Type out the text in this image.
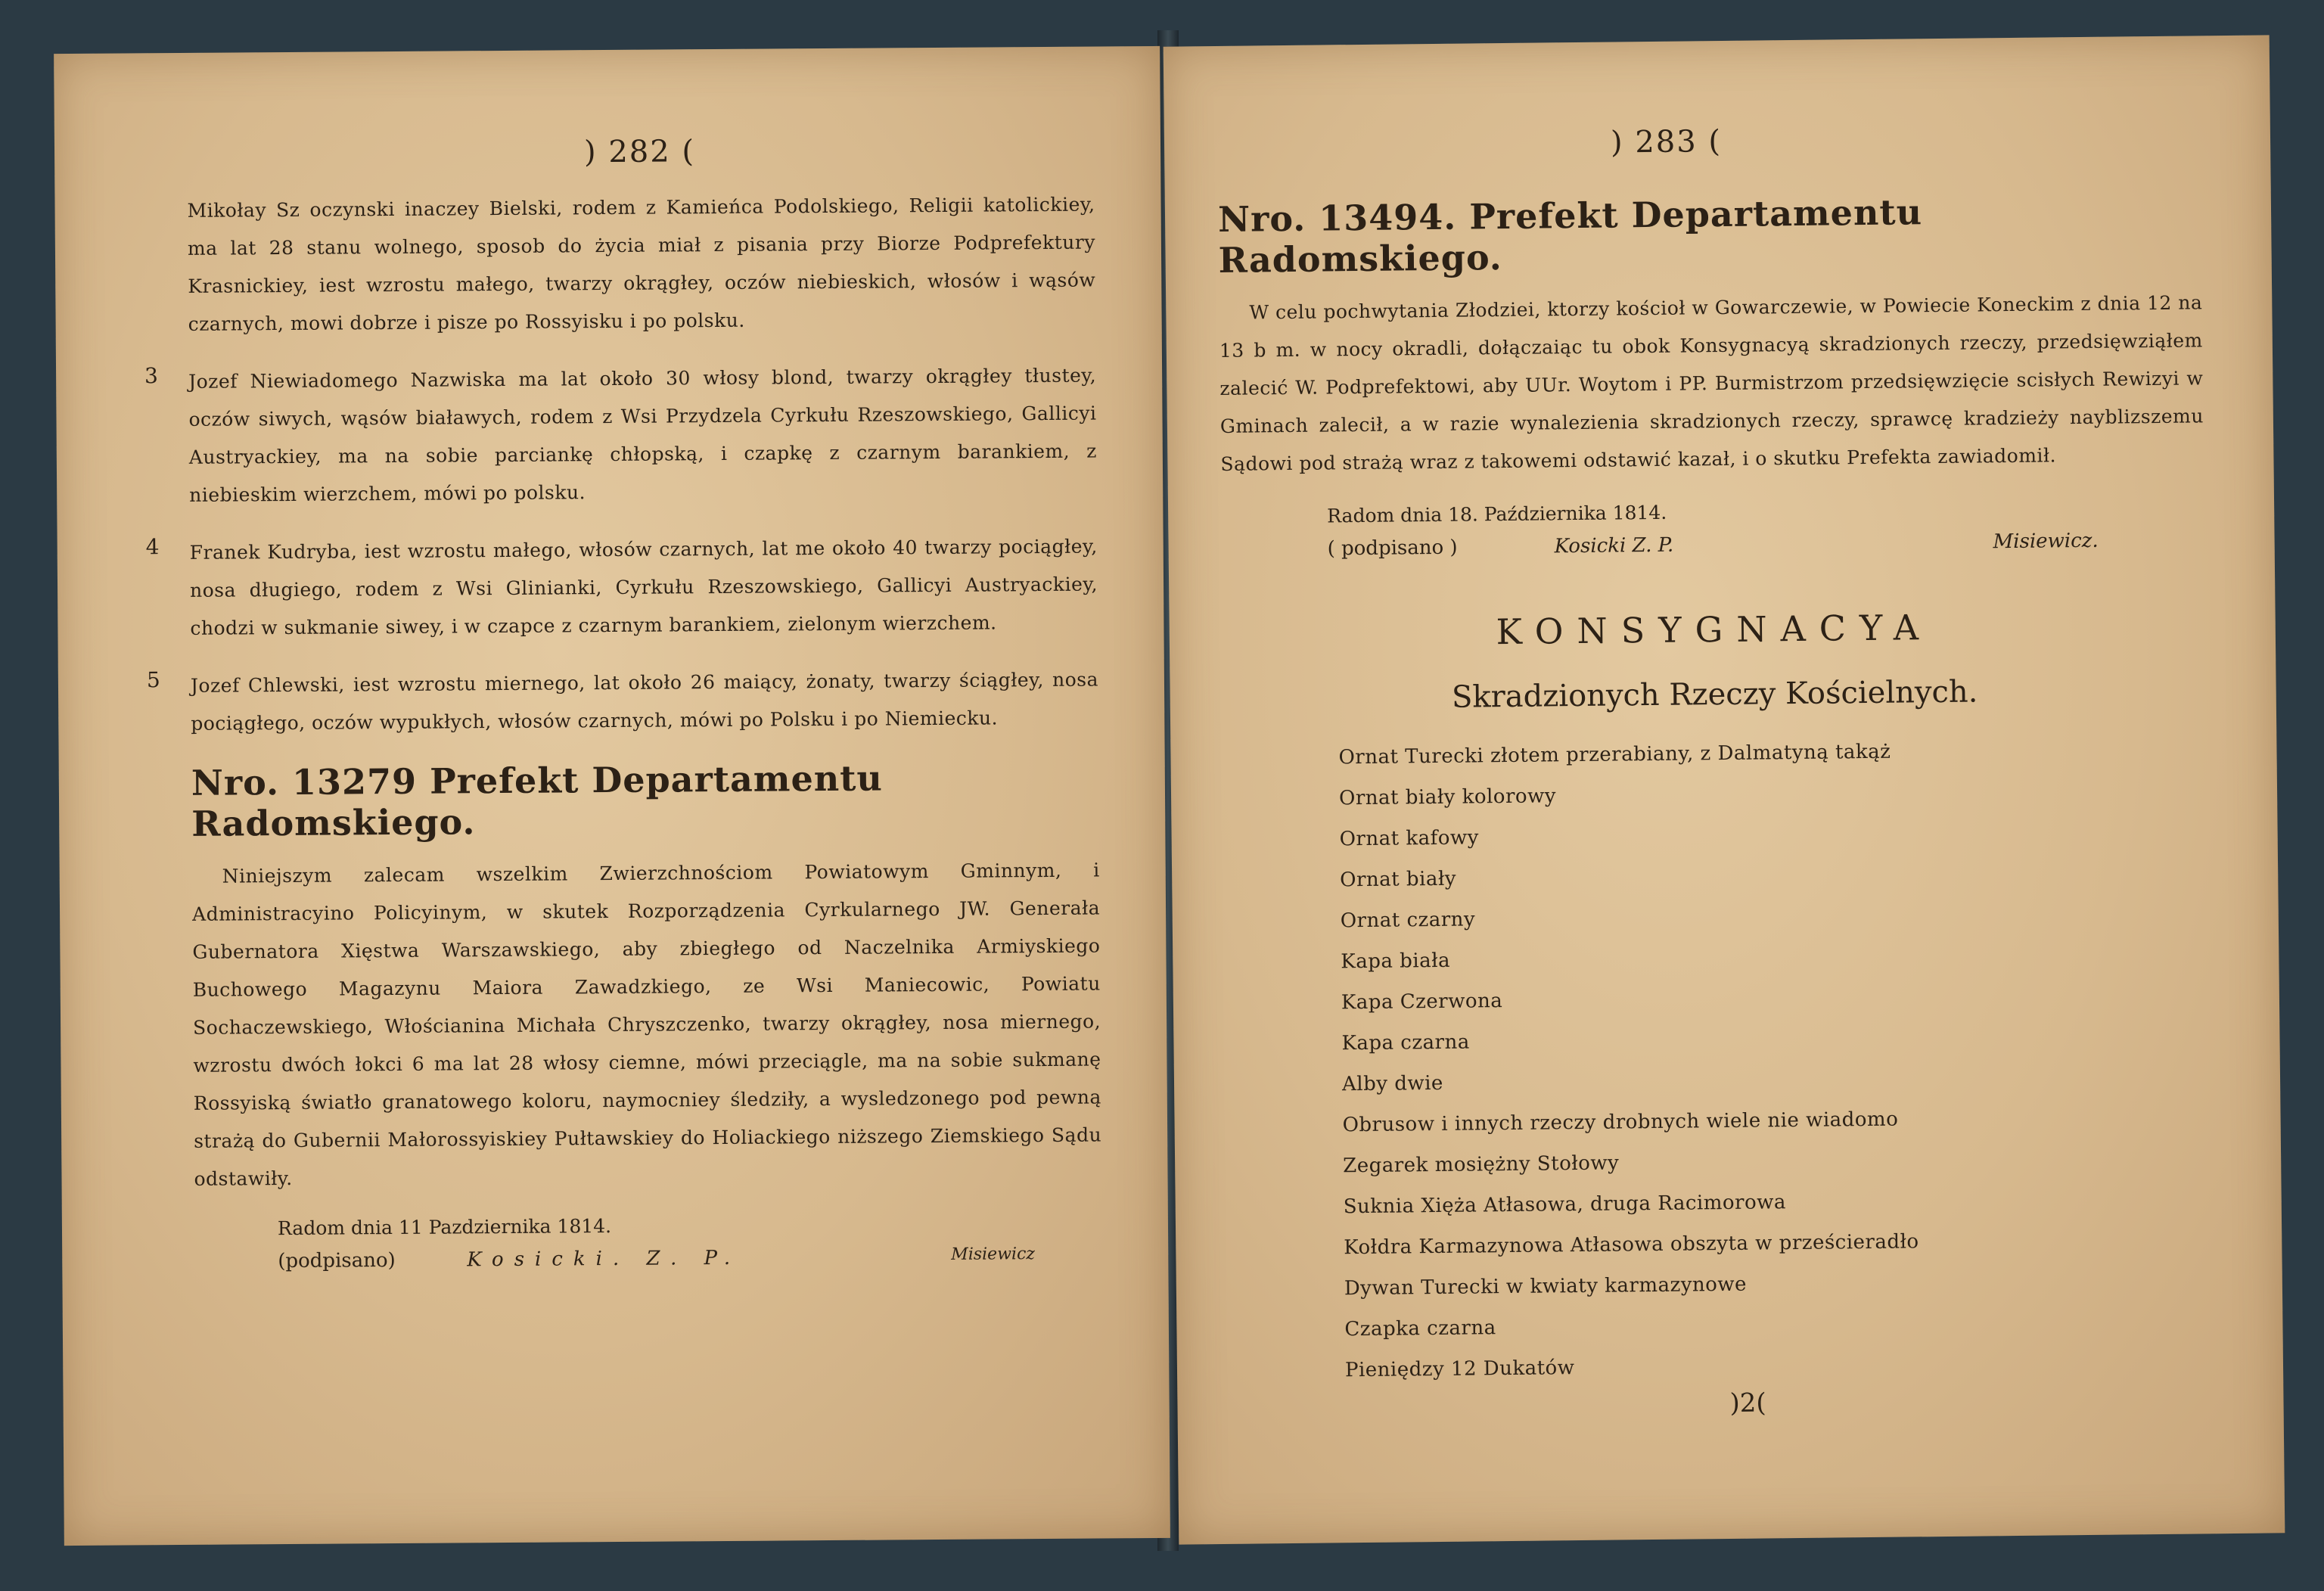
) 282 (
Mikołay Sz oczynski inaczey Bielski, rodem z Kamieńca Podolskiego, Religii katolickiey, ma lat 28 stanu wolnego, sposob do życia miał z pisania przy Biorze Podprefektury Krasnickiey, iest wzrostu małego, twarzy okrągłey, oczów niebieskich, włosów i wąsów czarnych, mowi dobrze i pisze po Rossyisku i po polsku.
3 Jozef Niewiadomego Nazwiska ma lat około 30 włosy blond, twarzy okrągłey tłustey, oczów siwych, wąsów białawych, rodem z Wsi Przydzela Cyrkułu Rzeszowskiego, Gallicyi Austryackiey, ma na sobie parciankę chłopską, i czapkę z czarnym barankiem, z niebieskim wierzchem, mówi po polsku.
4 Franek Kudryba, iest wzrostu małego, włosów czarnych, lat me około 40 twarzy pociągłey, nosa długiego, rodem z Wsi Glinianki, Cyrkułu Rzeszowskiego, Gallicyi Austryackiey, chodzi w sukmanie siwey, i w czapce z czarnym barankiem, zielonym wierzchem.
5 Jozef Chlewski, iest wzrostu miernego, lat około 26 maiący, żonaty, twarzy ściągłey, nosa pociągłego, oczów wypukłych, włosów czarnych, mówi po Polsku i po Niemiecku.
Nro. 13279 Prefekt Departamentu Radomskiego.
Niniejszym zalecam wszelkim Zwierzchnościom Powiatowym Gminnym, i Administracyino Policyinym, w skutek Rozporządzenia Cyrkularnego JW. Generała Gubernatora Xięstwa Warszawskiego, aby zbiegłego od Naczelnika Armiyskiego Buchowego Magazynu Maiora Zawadzkiego, ze Wsi Maniecowic, Powiatu Sochaczewskiego, Włościanina Michała Chryszczenko, twarzy okrągłey, nosa miernego, wzrostu dwóch łokci 6 ma lat 28 włosy ciemne, mówi przeciągle, ma na sobie sukmanę Rossyiską światło granatowego koloru, naymocniey śledziły, a wysledzonego pod pewną strażą do Gubernii Małorossyiskiey Pułtawskiey do Holiackiego niższego Ziemskiego Sądu odstawiły.
Radom dnia 11 Pazdziernika 1814.
(podpisano)	Kosicki. Z. P.	Misiewicz
) 283 (
Nro. 13494. Prefekt Departamentu Radomskiego.
W celu pochwytania Złodziei, ktorzy kościoł w Gowarczewie, w Powiecie Koneckim z dnia 12 na 13 b m. w nocy okradli, dołączaiąc tu obok Konsygnacyą skradzionych rzeczy, przedsięwziąłem zalecić W. Podprefektowi, aby UUr. Woytom i PP. Burmistrzom przedsięwzięcie scisłych Rewizyi w Gminach zalecił, a w razie wynalezienia skradzionych rzeczy, sprawcę kradzieży nayblizszemu Sądowi pod strażą wraz z takowemi odstawić kazał, i o skutku Prefekta zawiadomił.
Radom dnia 18. Października 1814.
( podpisano )	Kosicki Z. P.	Misiewicz.
KONSYGNACYA
Skradzionych Rzeczy Kościelnych.
Ornat Turecki złotem przerabiany, z Dalmatyną takąż
Ornat biały kolorowy
Ornat kafowy
Ornat biały
Ornat czarny
Kapa biała
Kapa Czerwona
Kapa czarna
Alby dwie
Obrusow i innych rzeczy drobnych wiele nie wiadomo
Zegarek mosiężny Stołowy
Suknia Xięża Atłasowa, druga Racimorowa
Kołdra Karmazynowa Atłasowa obszyta w prześcieradło
Dywan Turecki w kwiaty karmazynowe
Czapka czarna
Pieniędzy 12 Dukatów
)2(
